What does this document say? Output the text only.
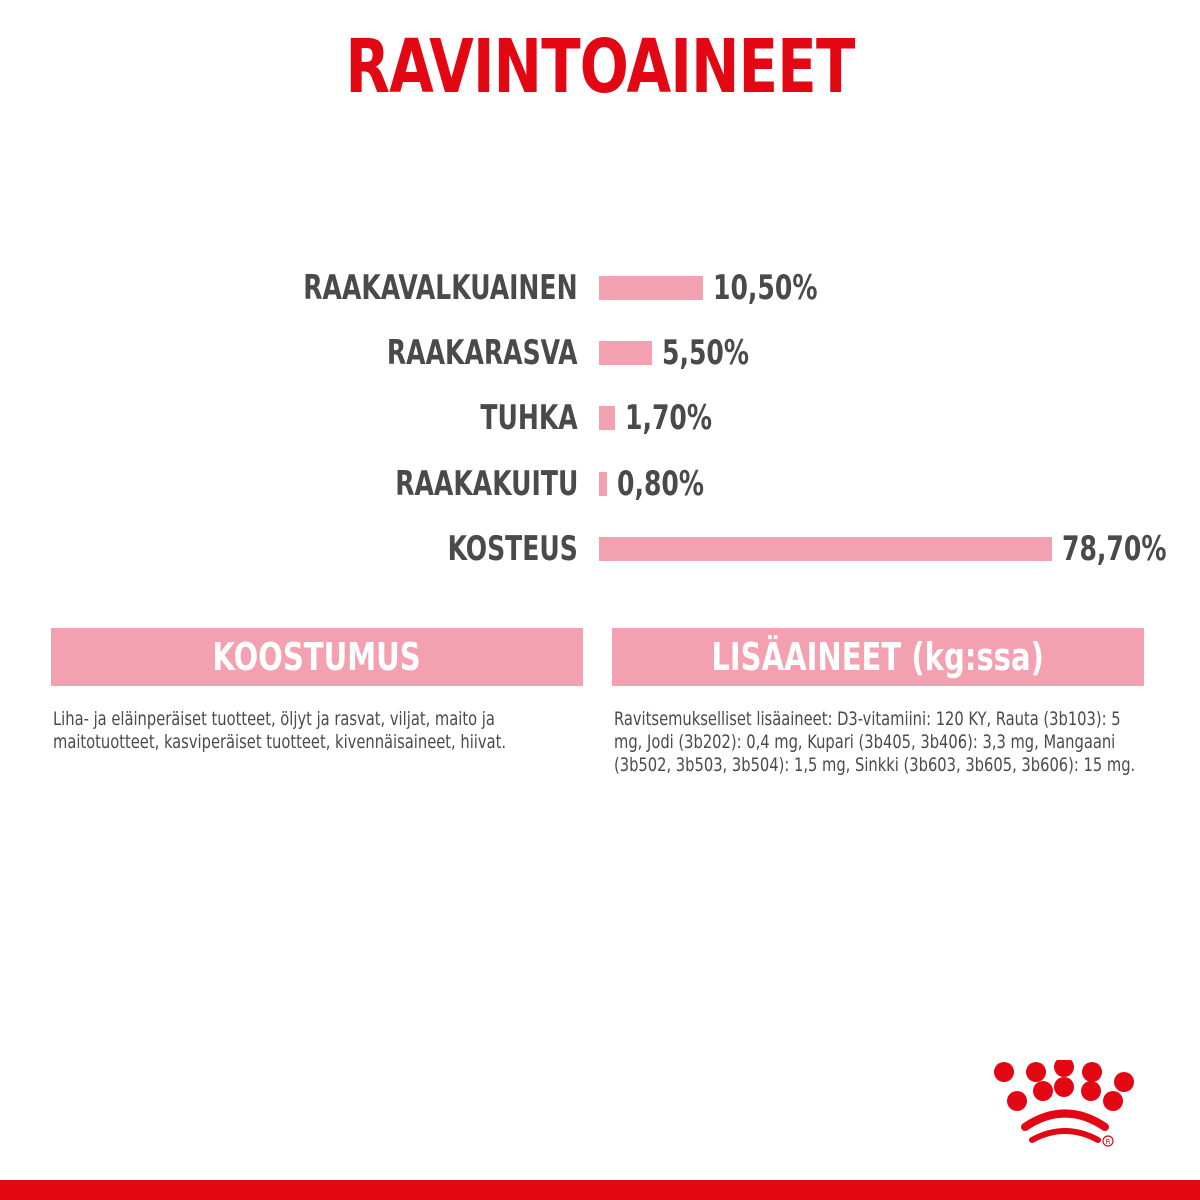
RAVINTOAINEET
RAAKAVALKUAINEN	10,50%
RAAKARASVA 5,50%
TUHKA 1,70%
RAAKAKUITU 0,80%
KOSTEUS	78,70%
KOOSTUMUS
Liha- ja eläinperäiset tuotteet, öljyt ja rasvat, viljat, maito ja maitotuotteet, kasviperäiset tuotteet, kivennäisaineet, hiivat.
LISÄAINEET (kg:ssa)
Ravitsemukselliset lisäaineet: D3-vitamiini: 120 KY, Rauta (3b103): 5 mg, Jodi (3b202): 0,4 mg, Kupari (3b405, 3b406): 3,3 mg, Mangaani (3b502, 3b503, 3b504): 1,5 mg, Sinkki (3b603, 3b605, 3b606): 15 mg.
R
